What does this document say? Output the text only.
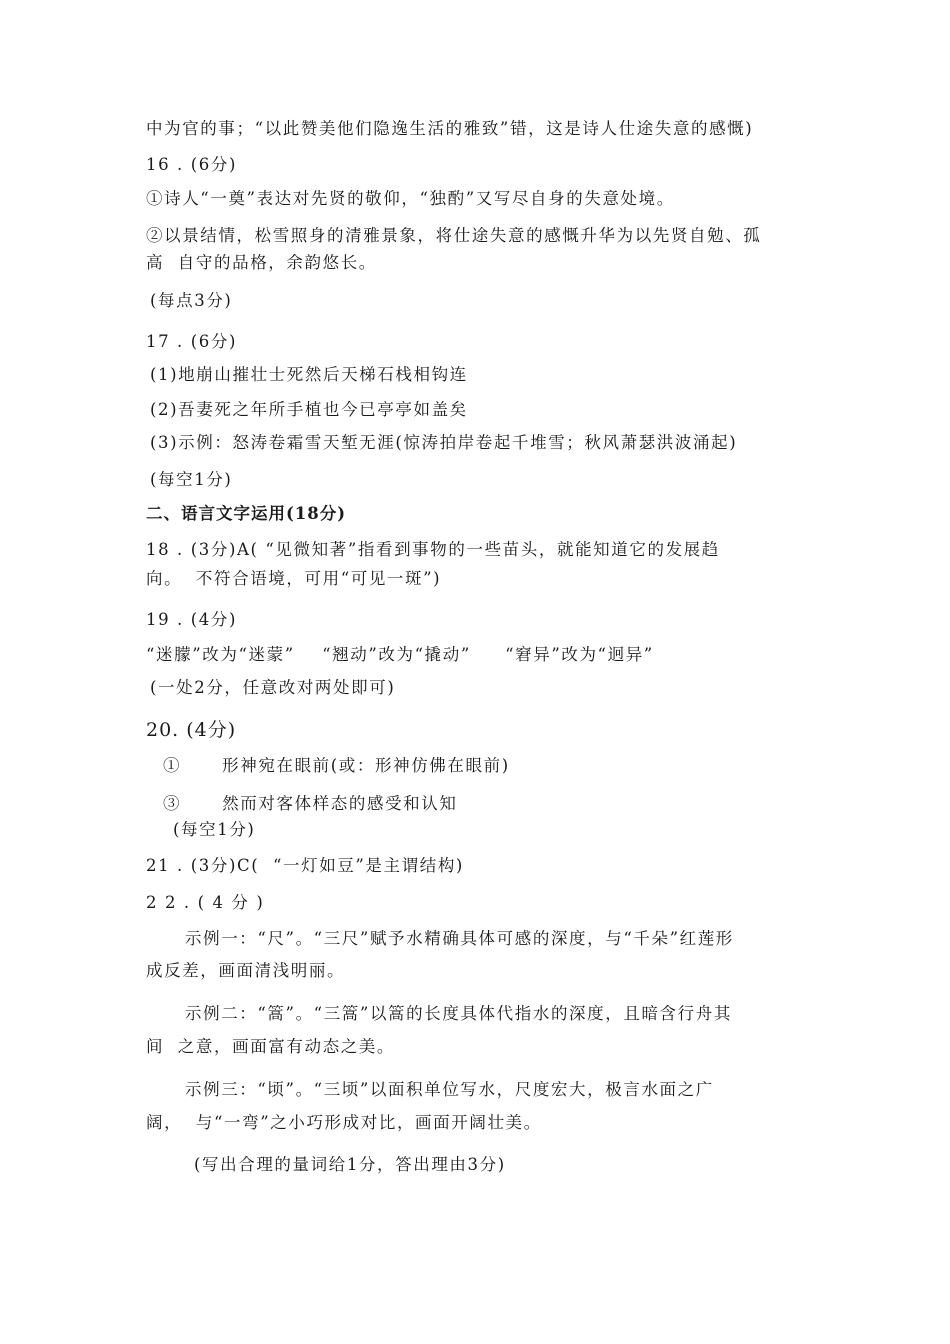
中为官的事；“以此赞美他们隐逸生活的雅致”错，这是诗人仕途失意的感慨)
16 . (6分)
①诗人“一奠”表达对先贤的敬仰，“独酌”又写尽自身的失意处境。
②以景结情，松雪照身的清雅景象，将仕途失意的感慨升华为以先贤自勉、孤
高  自守的品格，余韵悠长。
(每点3分)
17 . (6分)
(1)地崩山摧壮士死然后天梯石栈相钩连
(2)吾妻死之年所手植也今已亭亭如盖矣
(3)示例：怒涛卷霜雪天堑无涯(惊涛拍岸卷起千堆雪；秋风萧瑟洪波涌起)
(每空1分)
二、语言文字运用(18分)
18 . (3分)A( “见微知著”指看到事物的一些苗头，就能知道它的发展趋
向。  不符合语境，可用“可见一斑”)
19 . (4分)
“迷朦”改为“迷蒙”    “翘动”改为“撬动”     “窘异”改为“迥异”
(一处2分，任意改对两处即可)
20. (4分)
①      形神宛在眼前(或：形神仿佛在眼前)
③      然而对客体样态的感受和认知
(每空1分)
21 . (3分)C(  “一灯如豆”是主谓结构)
2 2 . ( 4 分 )
示例一：“尺”。“三尺”赋予水精确具体可感的深度，与“千朵”红莲形
成反差，画面清浅明丽。
示例二：“篙”。“三篙”以篙的长度具体代指水的深度，且暗含行舟其
间  之意，画面富有动态之美。
示例三：“顷”。“三顷”以面积单位写水，尺度宏大，极言水面之广
阔，  与“一弯”之小巧形成对比，画面开阔壮美。
(写出合理的量词给1分，答出理由3分)
